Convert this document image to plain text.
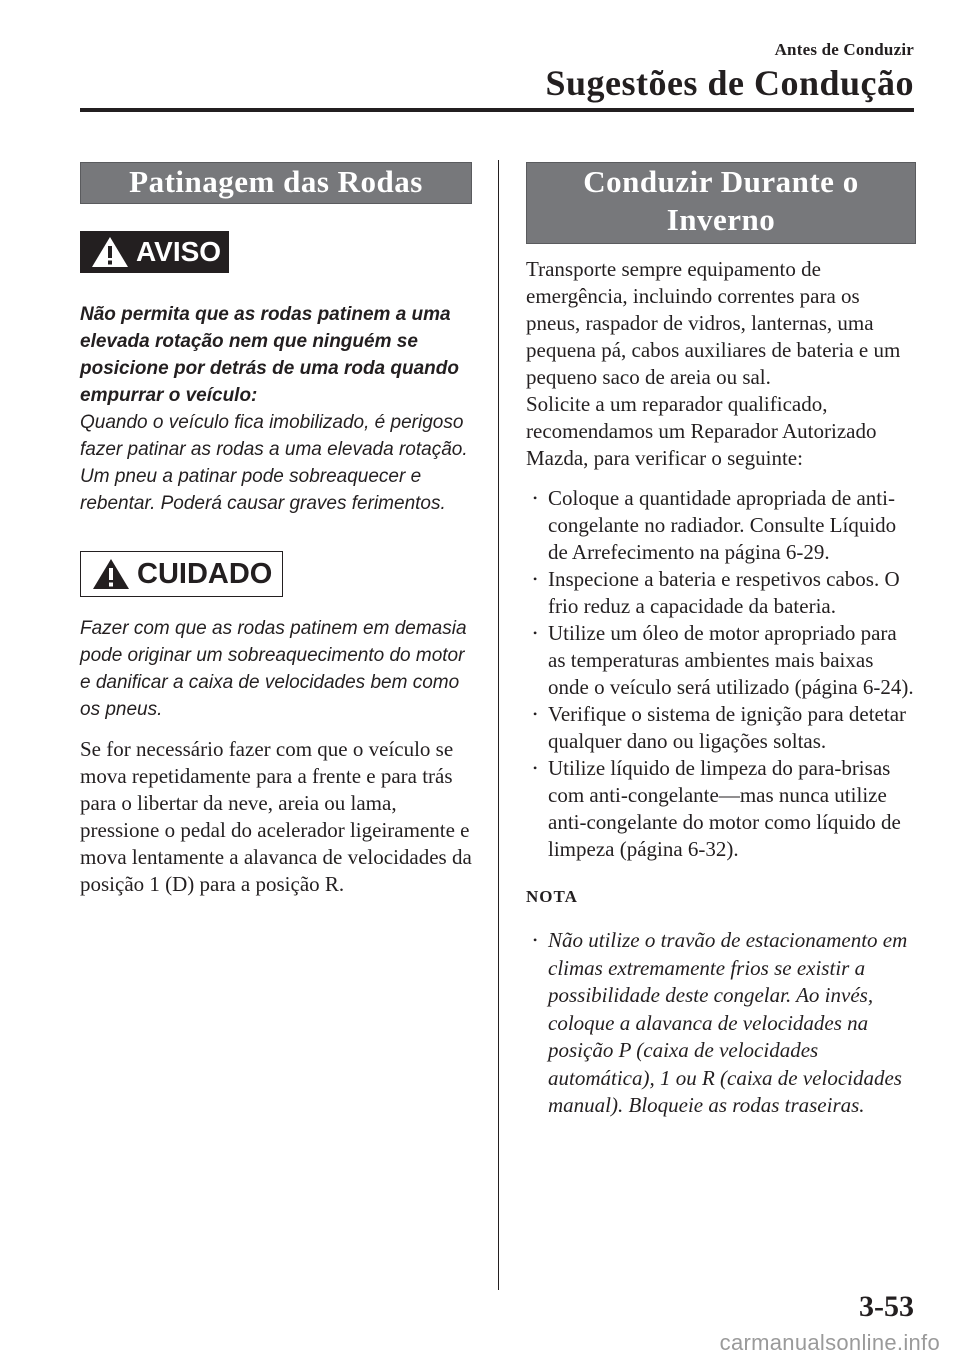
Antes de Conduzir
Sugestões de Condução
Patinagem das Rodas
AVISO
Não permita que as rodas patinem a uma elevada rotação nem que ninguém se posicione por detrás de uma roda quando empurrar o veículo:
Quando o veículo fica imobilizado, é perigoso fazer patinar as rodas a uma elevada rotação. Um pneu a patinar pode sobreaquecer e rebentar. Poderá causar graves ferimentos.
CUIDADO

Fazer com que as rodas patinem em demasia pode originar um sobreaquecimento do motor e danificar a caixa de velocidades bem como os pneus.

Se for necessário fazer com que o veículo se mova repetidamente para a frente e para trás para o libertar da neve, areia ou lama, pressione o pedal do acelerador ligeiramente e mova lentamente a alavanca de velocidades da posição 1 (D) para a posição R.

Conduzir Durante o
Inverno

Transporte sempre equipamento de emergência, incluindo correntes para os pneus, raspador de vidros, lanternas, uma pequena pá, cabos auxiliares de bateria e um pequeno saco de areia ou sal.

Solicite a um reparador qualificado, recomendamos um Reparador Autorizado Mazda, para verificar o seguinte:

• Coloque a quantidade apropriada de anti-congelante no radiador. Consulte Líquido de Arrefecimento na página 6-29.
• Inspecione a bateria e respetivos cabos. O frio reduz a capacidade da bateria.
• Utilize um óleo de motor apropriado para as temperaturas ambientes mais baixas onde o veículo será utilizado (página 6-24).
• Verifique o sistema de ignição para detetar qualquer dano ou ligações soltas.
• Utilize líquido de limpeza do para-brisas com anti-congelante—mas nunca utilize anti-congelante do motor como líquido de limpeza (página 6-32).
NOTA
• Não utilize o travão de estacionamento em climas extremamente frios se existir a possibilidade deste congelar. Ao invés, coloque a alavanca de velocidades na posição P (caixa de velocidades automática), 1 ou R (caixa de velocidades manual). Bloqueie as rodas traseiras.
3-53
carmanualsonline.info
